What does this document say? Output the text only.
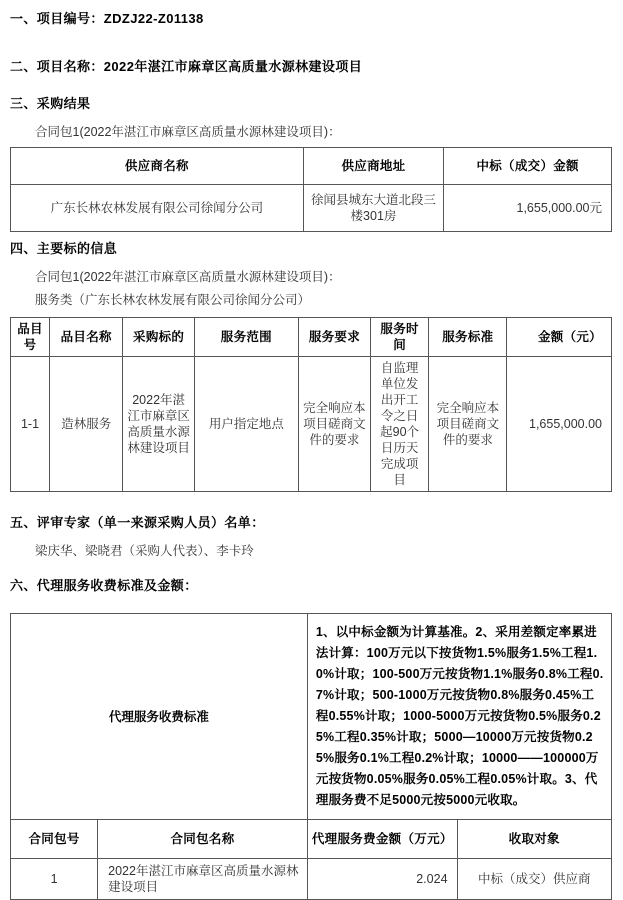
一、项目编号：ZDZJ22-Z01138
二、项目名称：2022年湛江市麻章区高质量水源林建设项目
三、采购结果
合同包1(2022年湛江市麻章区高质量水源林建设项目)：
供应商名称	供应商地址	中标（成交）金额
广东长林农林发展有限公司徐闻分公司	徐闻县城东大道北段三楼301房	1,655,000.00元
四、主要标的信息
合同包1(2022年湛江市麻章区高质量水源林建设项目)：
服务类（广东长林农林发展有限公司徐闻分公司）
品目号	品目名称	采购标的	服务范围	服务要求	服务时间	服务标准	金额（元）
1-1	造林服务	2022年湛江市麻章区高质量水源林建设项目	用户指定地点	完全响应本项目磋商文件的要求	自监理单位发出开工令之日起90个日历天完成项目	完全响应本项目磋商文件的要求	1,655,000.00
五、评审专家（单一来源采购人员）名单：
梁庆华、梁晓君（采购人代表）、李卡玲
六、代理服务收费标准及金额：
代理服务收费标准		1、以中标金额为计算基准。2、采用差额定率累进法计算：100万元以下按货物1.5%服务1.5%工程1.0%计取；100-500万元按货物1.1%服务0.8%工程0.7%计取；500-1000万元按货物0.8%服务0.45%工程0.55%计取；1000-5000万元按货物0.5%服务0.25%工程0.35%计取；5000—10000万元按货物0.25%服务0.1%工程0.2%计取；10000——100000万元按货物0.05%服务0.05%工程0.05%计取。3、代理服务费不足5000元按5000元收取。	
合同包号	合同包名称	代理服务费金额（万元）	收取对象
1	2022年湛江市麻章区高质量水源林建设项目	2.024	中标（成交）供应商
